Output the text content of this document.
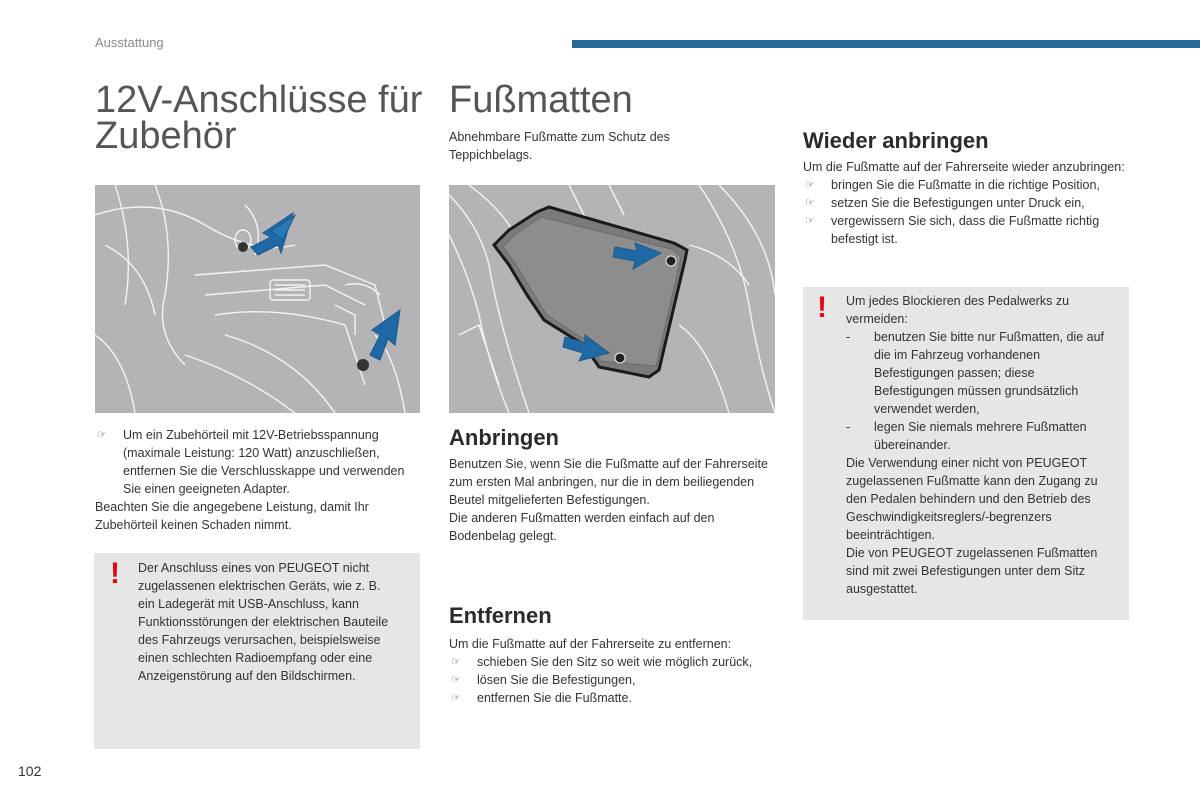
Ausstattung
12V-Anschlüsse für
Zubehör
☞ Um ein Zubehörteil mit 12V-Betriebsspannung (maximale Leistung: 120 Watt) anzuschließen, entfernen Sie die Verschlusskappe und verwenden Sie einen geeigneten Adapter.

Beachten Sie die angegebene Leistung, damit Ihr Zubehörteil keinen Schaden nimmt.

! Der Anschluss eines von PEUGEOT nicht zugelassenen elektrischen Geräts, wie z. B. ein Ladegerät mit USB-Anschluss, kann Funktionsstörungen der elektrischen Bauteile des Fahrzeugs verursachen, beispielsweise einen schlechten Radioempfang oder eine Anzeigenstörung auf den Bildschirmen.
Fußmatten

Abnehmbare Fußmatte zum Schutz des Teppichbelags.

Anbringen

Benutzen Sie, wenn Sie die Fußmatte auf der Fahrerseite zum ersten Mal anbringen, nur die in dem beiliegenden Beutel mitgelieferten Befestigungen.

Die anderen Fußmatten werden einfach auf den Bodenbelag gelegt.

Entfernen

Um die Fußmatte auf der Fahrerseite zu entfernen:

☞ schieben Sie den Sitz so weit wie möglich zurück,
☞ lösen Sie die Befestigungen,
☞ entfernen Sie die Fußmatte.
Wieder anbringen

Um die Fußmatte auf der Fahrerseite wieder anzubringen:

☞ bringen Sie die Fußmatte in die richtige Position,
☞ setzen Sie die Befestigungen unter Druck ein,
☞ vergewissern Sie sich, dass die Fußmatte richtig befestigt ist.
! Um jedes Blockieren des Pedalwerks zu vermeiden:
- benutzen Sie bitte nur Fußmatten, die auf die im Fahrzeug vorhandenen Befestigungen passen; diese Befestigungen müssen grundsätzlich verwendet werden,
- legen Sie niemals mehrere Fußmatten übereinander.
Die Verwendung einer nicht von PEUGEOT zugelassenen Fußmatte kann den Zugang zu den Pedalen behindern und den Betrieb des Geschwindigkeitsreglers/-begrenzers beeinträchtigen.
Die von PEUGEOT zugelassenen Fußmatten sind mit zwei Befestigungen unter dem Sitz ausgestattet.
102
